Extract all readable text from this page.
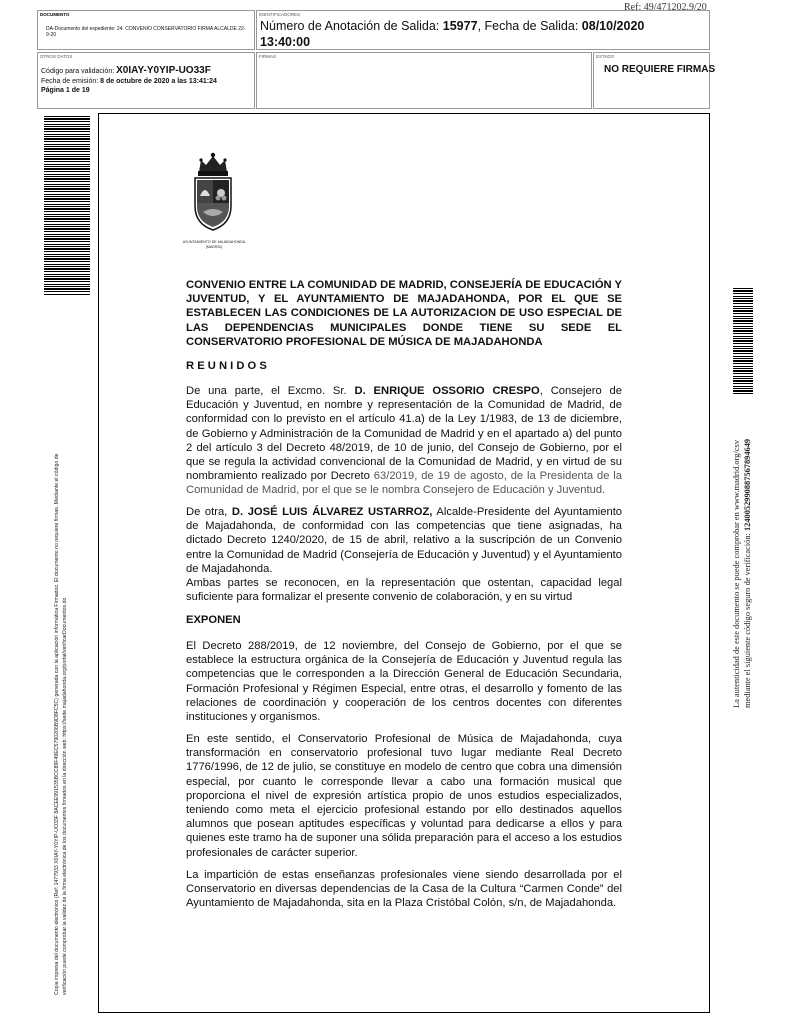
Ref: 49/471202.9/20
DOCUMENTO
DA-Documento del expediente: 24. CONVENIO CONSERVATORIO FIRMA ALCALDE 22-9-20
IDENTIFICADORES
Número de Anotación de Salida: 15977, Fecha de Salida: 08/10/2020
13:40:00
OTROS DATOS
Código para validación: X0IAY-Y0YIP-UO33F
Fecha de emisión: 8 de octubre de 2020 a las 13:41:24
Página 1 de 19
FIRMAS	ESTADO
NO REQUIERE FIRMAS
Copia impresa del documento electrónico (Ref: 1477933 X0IAY-Y0YIP-UO33F 8ACEE991535BCC89F49EC5790206B9D8FC5C) generada con la aplicación informática Firmadoc. El documento no requiere firmas. Mediante el código de verificación puede comprobar la validez de la firma electrónica de los documentos firmados en la dirección web: https://sede.majadahonda.org/portal/verificarDocumentos.do
La autenticidad de este documento se puede comprobar en www.madrid.org/csv mediante el siguiente código seguro de verificación: 1240052990887567894649
AYUNTAMIENTO DE MAJADAHONDA (MADRID)
CONVENIO ENTRE LA COMUNIDAD DE MADRID, CONSEJERÍA DE EDUCACIÓN Y JUVENTUD, Y EL AYUNTAMIENTO DE MAJADAHONDA, POR EL QUE SE ESTABLECEN LAS CONDICIONES DE LA AUTORIZACION DE USO ESPECIAL DE LAS DEPENDENCIAS MUNICIPALES DONDE TIENE SU SEDE EL CONSERVATORIO PROFESIONAL DE MÚSICA DE MAJADAHONDA
R E U N I D O S
De una parte, el Excmo. Sr. D. ENRIQUE OSSORIO CRESPO, Consejero de Educación y Juventud, en nombre y representación de la Comunidad de Madrid, de conformidad con lo previsto en el artículo 41.a) de la Ley 1/1983, de 13 de diciembre, de Gobierno y Administración de la Comunidad de Madrid y en el apartado a) del punto 2 del artículo 3 del Decreto 48/2019, de 10 de junio, del Consejo de Gobierno, por el que se regula la actividad convencional de la Comunidad de Madrid, y en virtud de su nombramiento realizado por Decreto 63/2019, de 19 de agosto, de la Presidenta de la Comunidad de Madrid, por el que se le nombra Consejero de Educación y Juventud.
De otra, D. JOSÉ LUIS ÁLVAREZ USTARROZ, Alcalde-Presidente del Ayuntamiento de Majadahonda, de conformidad con las competencias que tiene asignadas, ha dictado Decreto 1240/2020, de 15 de abril, relativo a la suscripción de un Convenio entre la Comunidad de Madrid (Consejería de Educación y Juventud) y el Ayuntamiento de Majadahonda.
Ambas partes se reconocen, en la representación que ostentan, capacidad legal suficiente para formalizar el presente convenio de colaboración, y en su virtud
EXPONEN
El Decreto 288/2019, de 12 noviembre, del Consejo de Gobierno, por el que se establece la estructura orgánica de la Consejería de Educación y Juventud regula las competencias que le corresponden a la Dirección General de Educación Secundaria, Formación Profesional y Régimen Especial, entre otras, el desarrollo y fomento de las relaciones de coordinación y cooperación de los centros docentes con diferentes instituciones y organismos.
En este sentido, el Conservatorio Profesional de Música de Majadahonda, cuya transformación en conservatorio profesional tuvo lugar mediante Real Decreto 1776/1996, de 12 de julio, se constituye en modelo de centro que cobra una dimensión especial, por cuanto le corresponde llevar a cabo una formación musical que proporciona el nivel de expresión artística propio de unos estudios especializados, teniendo como meta el ejercicio profesional estando por ello destinados aquellos alumnos que posean aptitudes específicas y voluntad para dedicarse a ellos y para quienes este tramo ha de suponer una sólida preparación para el acceso a los estudios profesionales de carácter superior.
La impartición de estas enseñanzas profesionales viene siendo desarrollada por el Conservatorio en diversas dependencias de la Casa de la Cultura “Carmen Conde” del Ayuntamiento de Majadahonda, sita en la Plaza Cristóbal Colón, s/n, de Majadahonda.
